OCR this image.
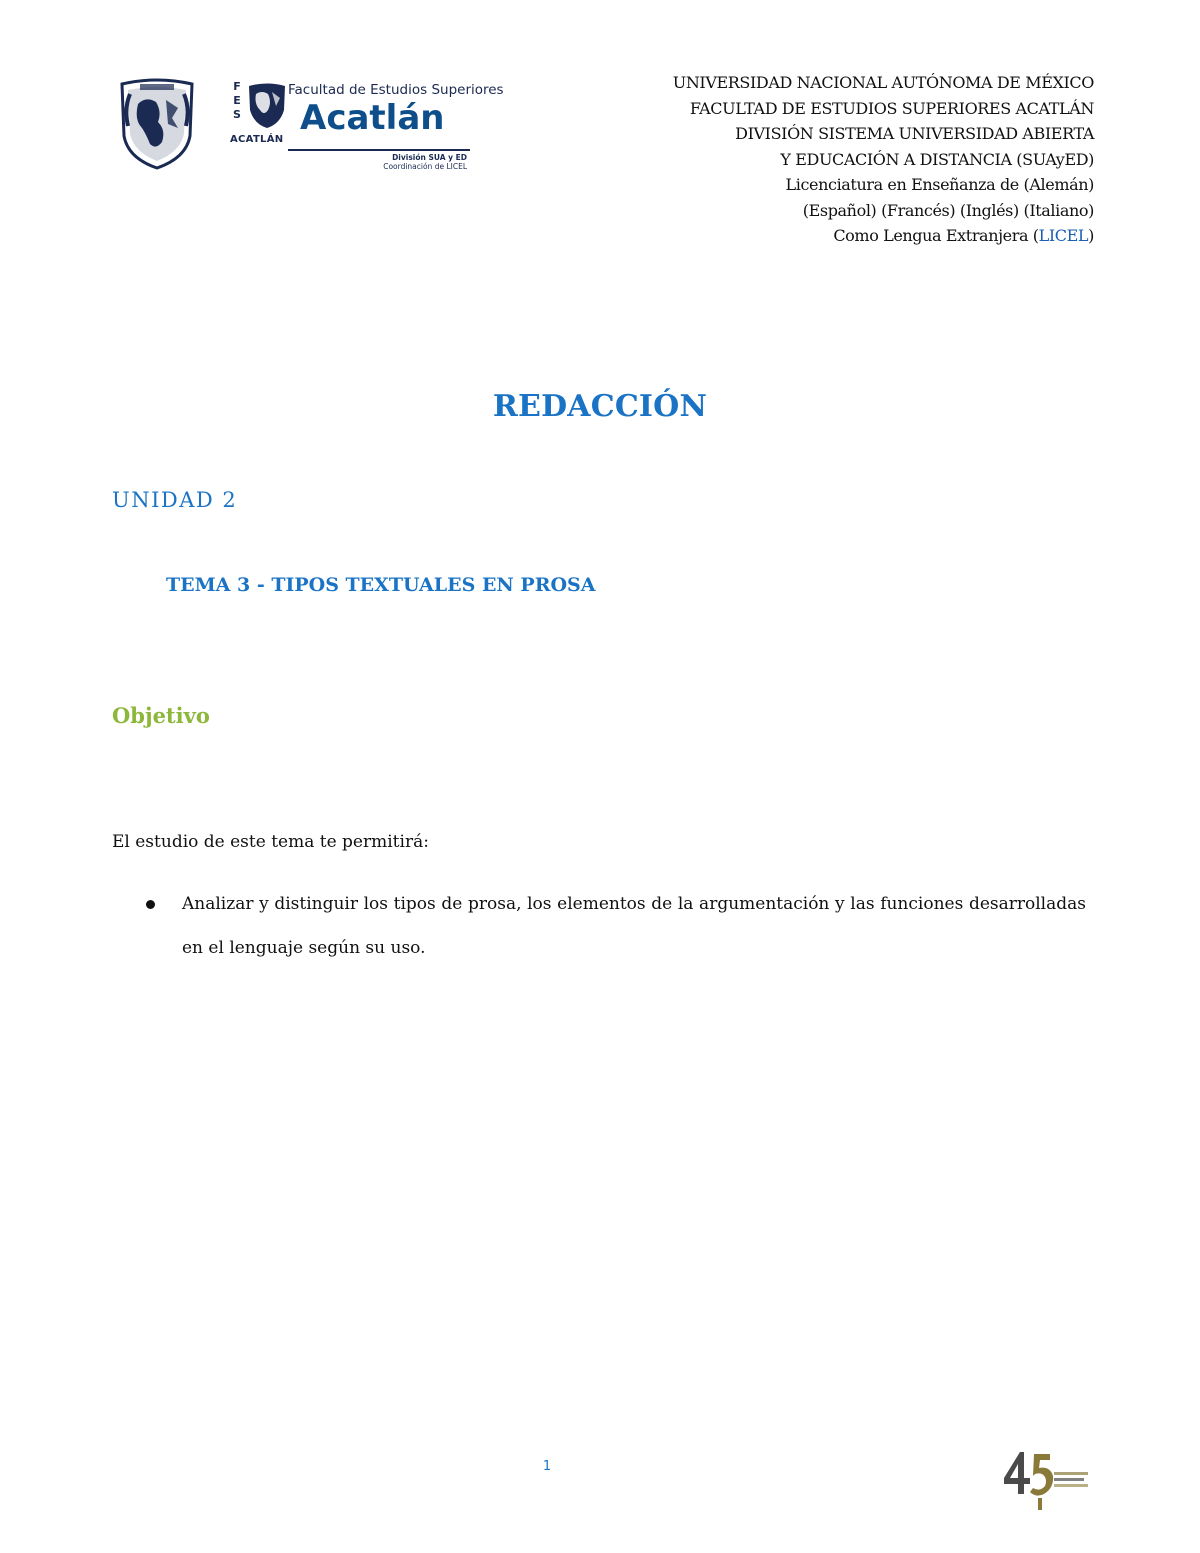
F
E
S
ACATLÁN
Facultad de Estudios Superiores
Acatlán
División SUA y ED
Coordinación de LICEL
UNIVERSIDAD NACIONAL AUTÓNOMA DE MÉXICO
FACULTAD DE ESTUDIOS SUPERIORES ACATLÁN
DIVISIÓN SISTEMA UNIVERSIDAD ABIERTA
Y EDUCACIÓN A DISTANCIA (SUAyED)
Licenciatura en Enseñanza de (Alemán)
(Español) (Francés) (Inglés) (Italiano)
Como Lengua Extranjera (LICEL)
REDACCIÓN
UNIDAD 2
TEMA 3 - TIPOS TEXTUALES EN PROSA
Objetivo
El estudio de este tema te permitirá:
Analizar y distinguir los tipos de prosa, los elementos de la argumentación y las funciones desarrolladas en el lenguaje según su uso.
1
